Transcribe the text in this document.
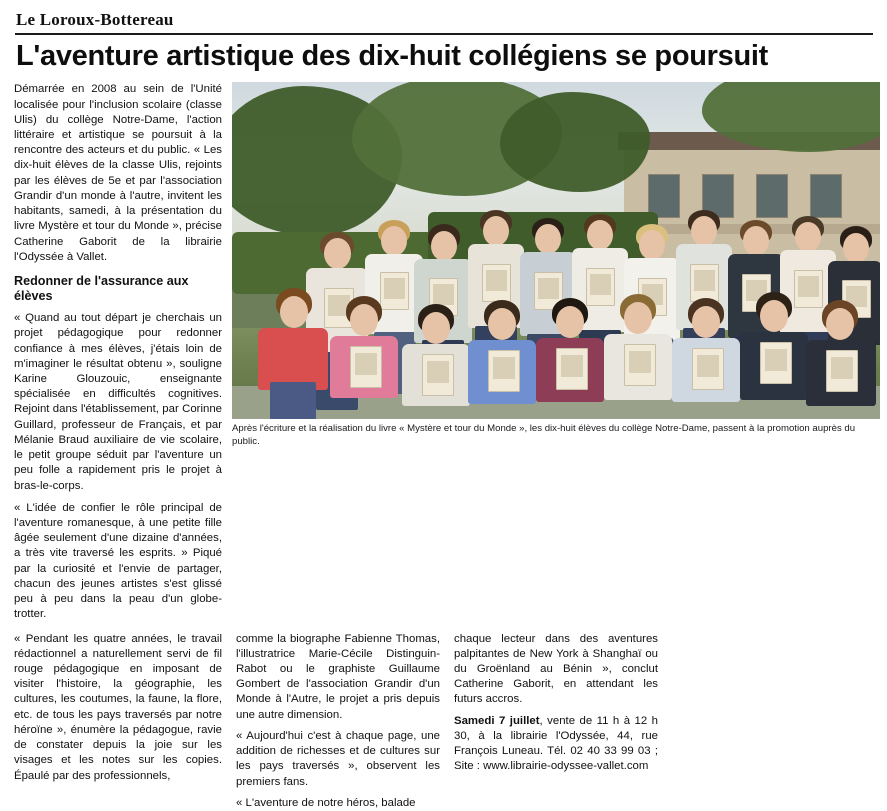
Le Loroux-Bottereau
L'aventure artistique des dix-huit collégiens se poursuit

Démarrée en 2008 au sein de l'Unité localisée pour l'inclusion scolaire (classe Ulis) du collège Notre-Dame, l'action littéraire et artistique se poursuit à la rencontre des acteurs et du public. « Les dix-huit élèves de la classe Ulis, rejoints par les élèves de 5e et par l'association Grandir d'un monde à l'autre, invitent les habitants, samedi, à la présentation du livre Mystère et tour du Monde », précise Catherine Gaborit de la librairie l'Odyssée à Vallet.

Redonner de l'assurance aux élèves

« Quand au tout départ je cherchais un projet pédagogique pour redonner confiance à mes élèves, j'étais loin de m'imaginer le résultat obtenu », souligne Karine Glouzouic, enseignante spécialisée en difficultés cognitives. Rejoint dans l'établissement, par Corinne Guillard, professeur de Français, et par Mélanie Braud auxiliaire de vie scolaire, le petit groupe séduit par l'aventure un peu folle a rapidement pris le projet à bras-le-corps.

« L'idée de confier le rôle principal de l'aventure romanesque, à une petite fille âgée seulement d'une dizaine d'années, a très vite traversé les esprits. » Piqué par la curiosité et l'envie de partager, chacun des jeunes artistes s'est glissé peu à peu dans la peau d'un globe-trotter.

Après l'écriture et la réalisation du livre « Mystère et tour du Monde », les dix-huit élèves du collège Notre-Dame, passent à la promotion auprès du public.

« Pendant les quatre années, le travail rédactionnel a naturellement servi de fil rouge pédagogique en imposant de visiter l'histoire, la géographie, les cultures, les coutumes, la faune, la flore, etc. de tous les pays traversés par notre héroïne », énumère la pédagogue, ravie de constater depuis la joie sur les visages et les notes sur les copies. Épaulé par des professionnels,

comme la biographe Fabienne Thomas, l'illustratrice Marie-Cécile Distinguin-Rabot ou le graphiste Guillaume Gombert de l'association Grandir d'un Monde à l'Autre, le projet a pris depuis une autre dimension.

« Aujourd'hui c'est à chaque page, une addition de richesses et de cultures sur les pays traversés », observent les premiers fans.

« L'aventure de notre héros, balade

chaque lecteur dans des aventures palpitantes de New York à Shanghaï ou du Groënland au Bénin », conclut Catherine Gaborit, en attendant les futurs accros.

Samedi 7 juillet, vente de 11 h à 12 h 30, à la librairie l'Odyssée, 44, rue François Luneau. Tél. 02 40 33 99 03 ; Site : www.librairie-odyssee-vallet.com
